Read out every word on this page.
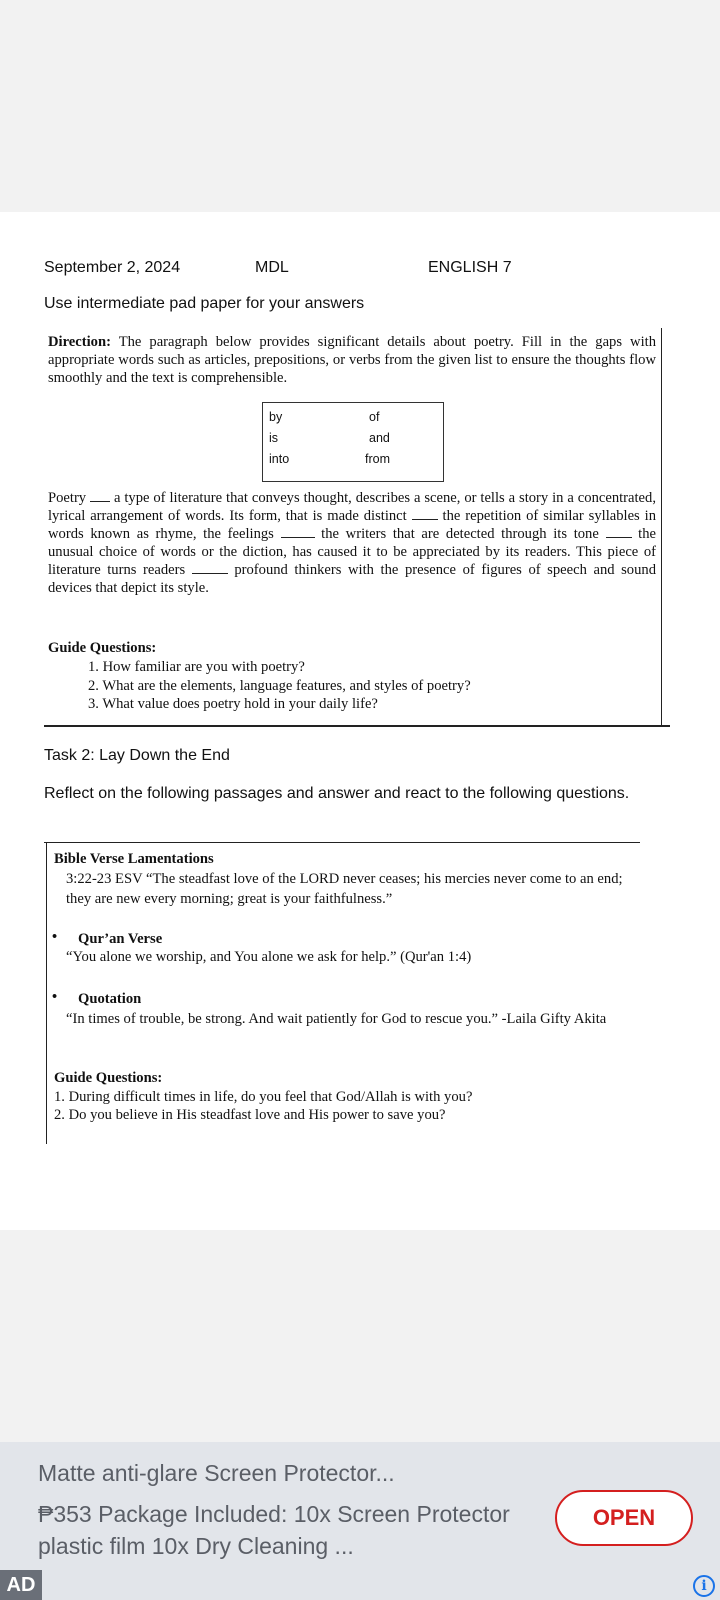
September 2, 2024	MDL	ENGLISH 7
Use intermediate pad paper for your answers

Direction: The paragraph below provides significant details about poetry. Fill in the gaps with appropriate words such as articles, prepositions, or verbs from the given list to ensure the thoughts flow smoothly and the text is comprehensible.

by	of
is	and
into	from

Poetry  a type of literature that conveys thought, describes a scene, or tells a story in a concentrated, lyrical arrangement of words. Its form, that is made distinct  the repetition of similar syllables in words known as rhyme, the feelings  the writers that are detected through its tone  the unusual choice of words or the diction, has caused it to be appreciated by its readers. This piece of literature turns readers  profound thinkers with the presence of figures of speech and sound devices that depict its style.

Guide Questions:
1. How familiar are you with poetry?
2. What are the elements, language features, and styles of poetry?
3. What value does poetry hold in your daily life?
Task 2: Lay Down the End
Reflect on the following passages and answer and react to the following questions.
Bible Verse Lamentations
3:22-23 ESV “The steadfast love of the LORD never ceases; his mercies never come to an end; they are new every morning; great is your faithfulness.”
• Qur’an Verse
“You alone we worship, and You alone we ask for help.” (Qur'an 1:4)
• Quotation
“In times of trouble, be strong. And wait patiently for God to rescue you.” -Laila Gifty Akita
Guide Questions:
1. During difficult times in life, do you feel that God/Allah is with you?
2. Do you believe in His steadfast love and His power to save you?
Matte anti-glare Screen Protector...
₱353 Package Included: 10x Screen Protector plastic film 10x Dry Cleaning ...
OPEN
AD	i
